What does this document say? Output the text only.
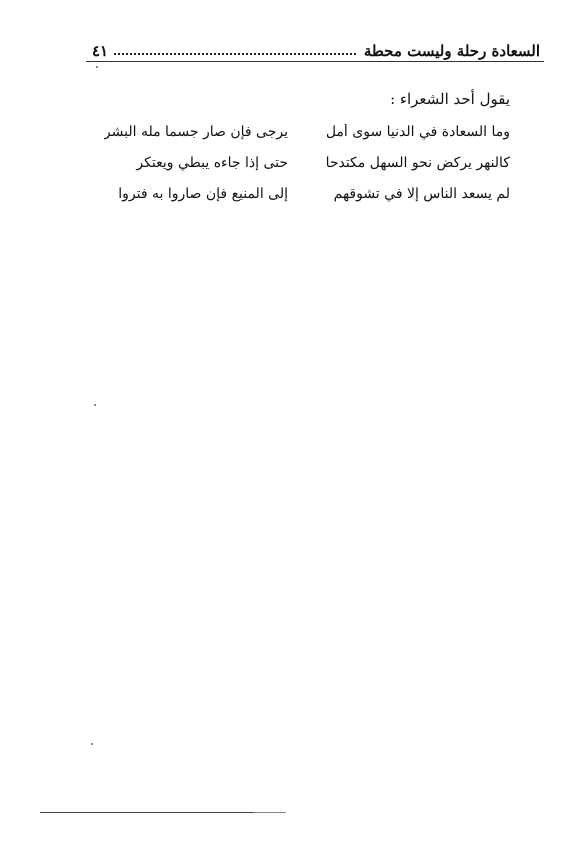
السعادة رحلة وليست محطة
٤١
يقول أحد الشعراء :
وما السعادة في الدنيا سوى أمل
يرجى فإن صار جسما مله البشر
كالنهر يركض نحو السهل مكتدحا
حتى إذا جاءه يبطي ويعتكر
لم يسعد الناس إلا في تشوقهم
إلى المنيع فإن صاروا به فتروا
